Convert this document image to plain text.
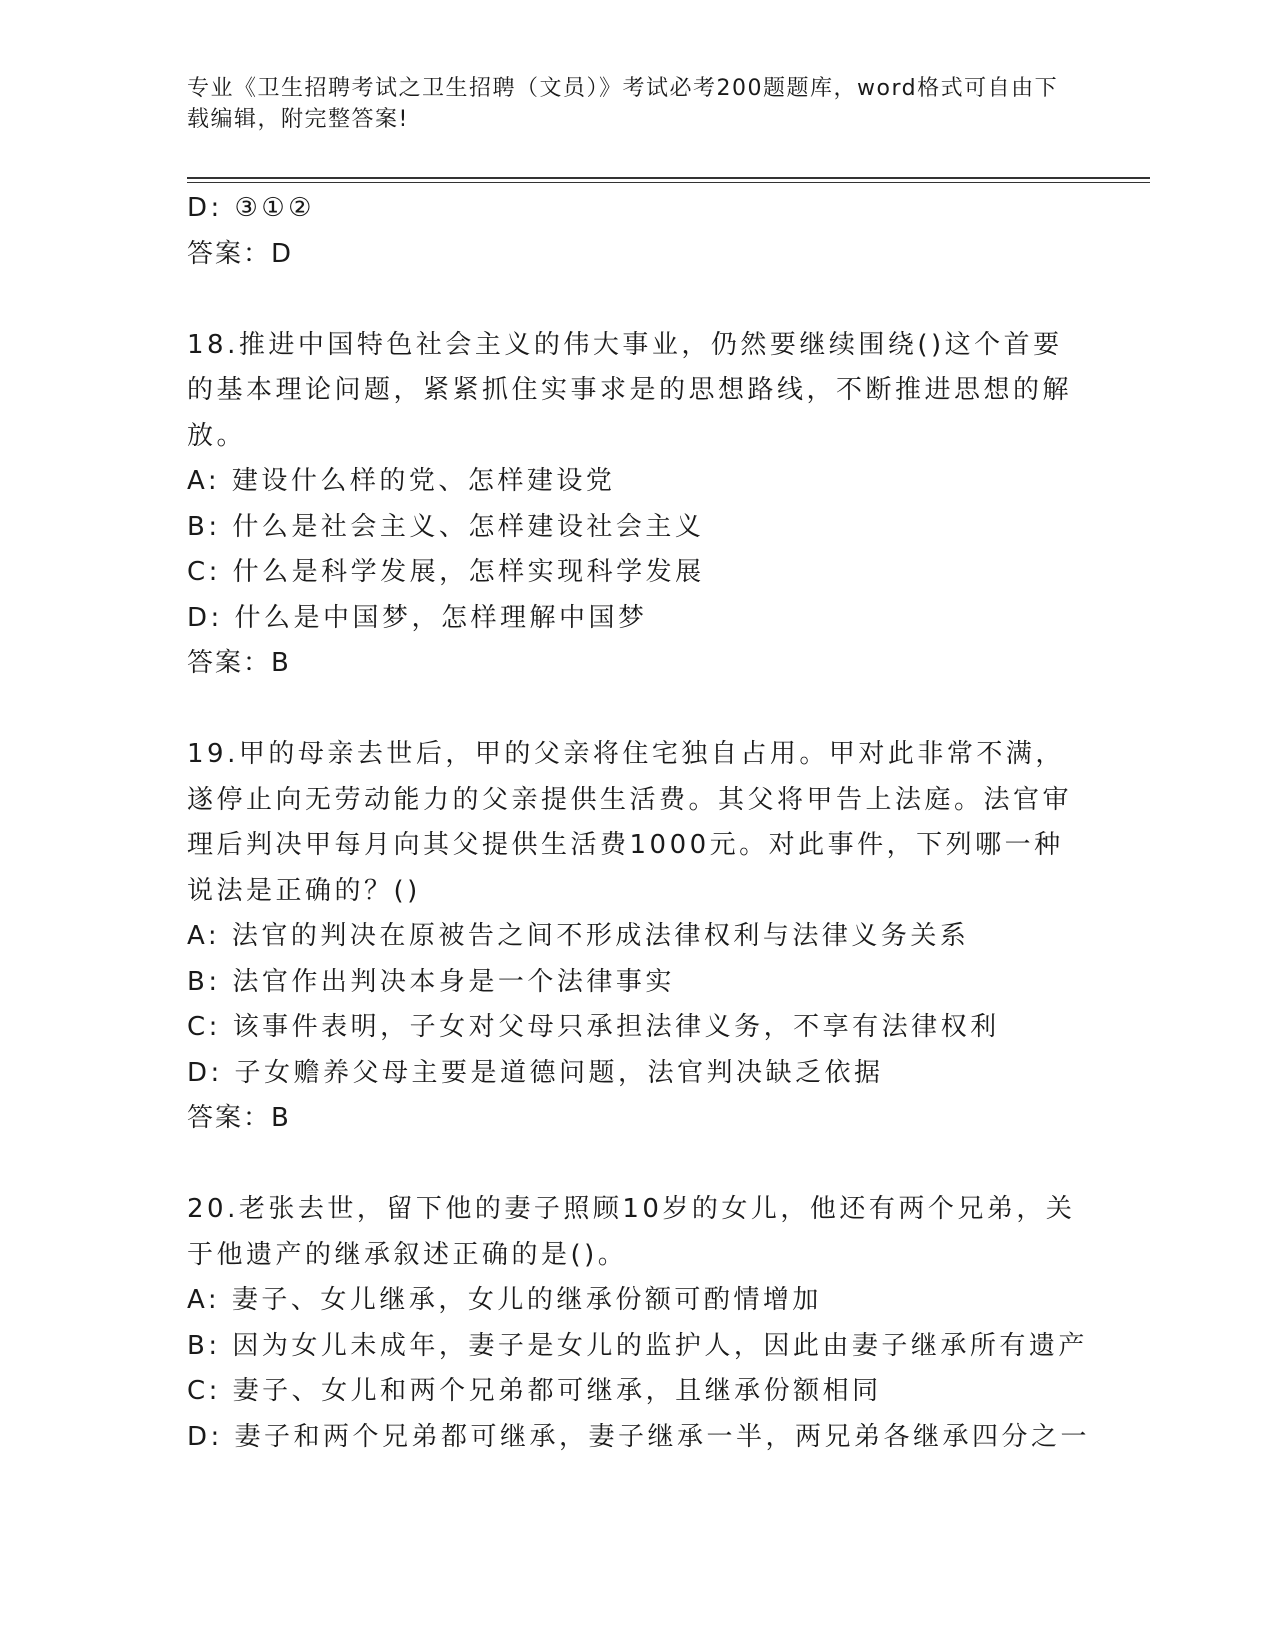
专业《卫生招聘考试之卫生招聘（文员）》考试必考200题题库，word格式可自由下载编辑，附完整答案!
D: ③①②
答案：D
18.推进中国特色社会主义的伟大事业，仍然要继续围绕()这个首要的基本理论问题，紧紧抓住实事求是的思想路线，不断推进思想的解放。
A: 建设什么样的党、怎样建设党
B: 什么是社会主义、怎样建设社会主义
C: 什么是科学发展，怎样实现科学发展
D: 什么是中国梦，怎样理解中国梦
答案：B
19.甲的母亲去世后，甲的父亲将住宅独自占用。甲对此非常不满，遂停止向无劳动能力的父亲提供生活费。其父将甲告上法庭。法官审理后判决甲每月向其父提供生活费1000元。对此事件，下列哪一种说法是正确的？()
A: 法官的判决在原被告之间不形成法律权利与法律义务关系
B: 法官作出判决本身是一个法律事实
C: 该事件表明，子女对父母只承担法律义务，不享有法律权利
D: 子女赡养父母主要是道德问题，法官判决缺乏依据
答案：B
20.老张去世，留下他的妻子照顾10岁的女儿，他还有两个兄弟，关于他遗产的继承叙述正确的是()。
A: 妻子、女儿继承，女儿的继承份额可酌情增加
B: 因为女儿未成年，妻子是女儿的监护人，因此由妻子继承所有遗产
C: 妻子、女儿和两个兄弟都可继承，且继承份额相同
D: 妻子和两个兄弟都可继承，妻子继承一半，两兄弟各继承四分之一
